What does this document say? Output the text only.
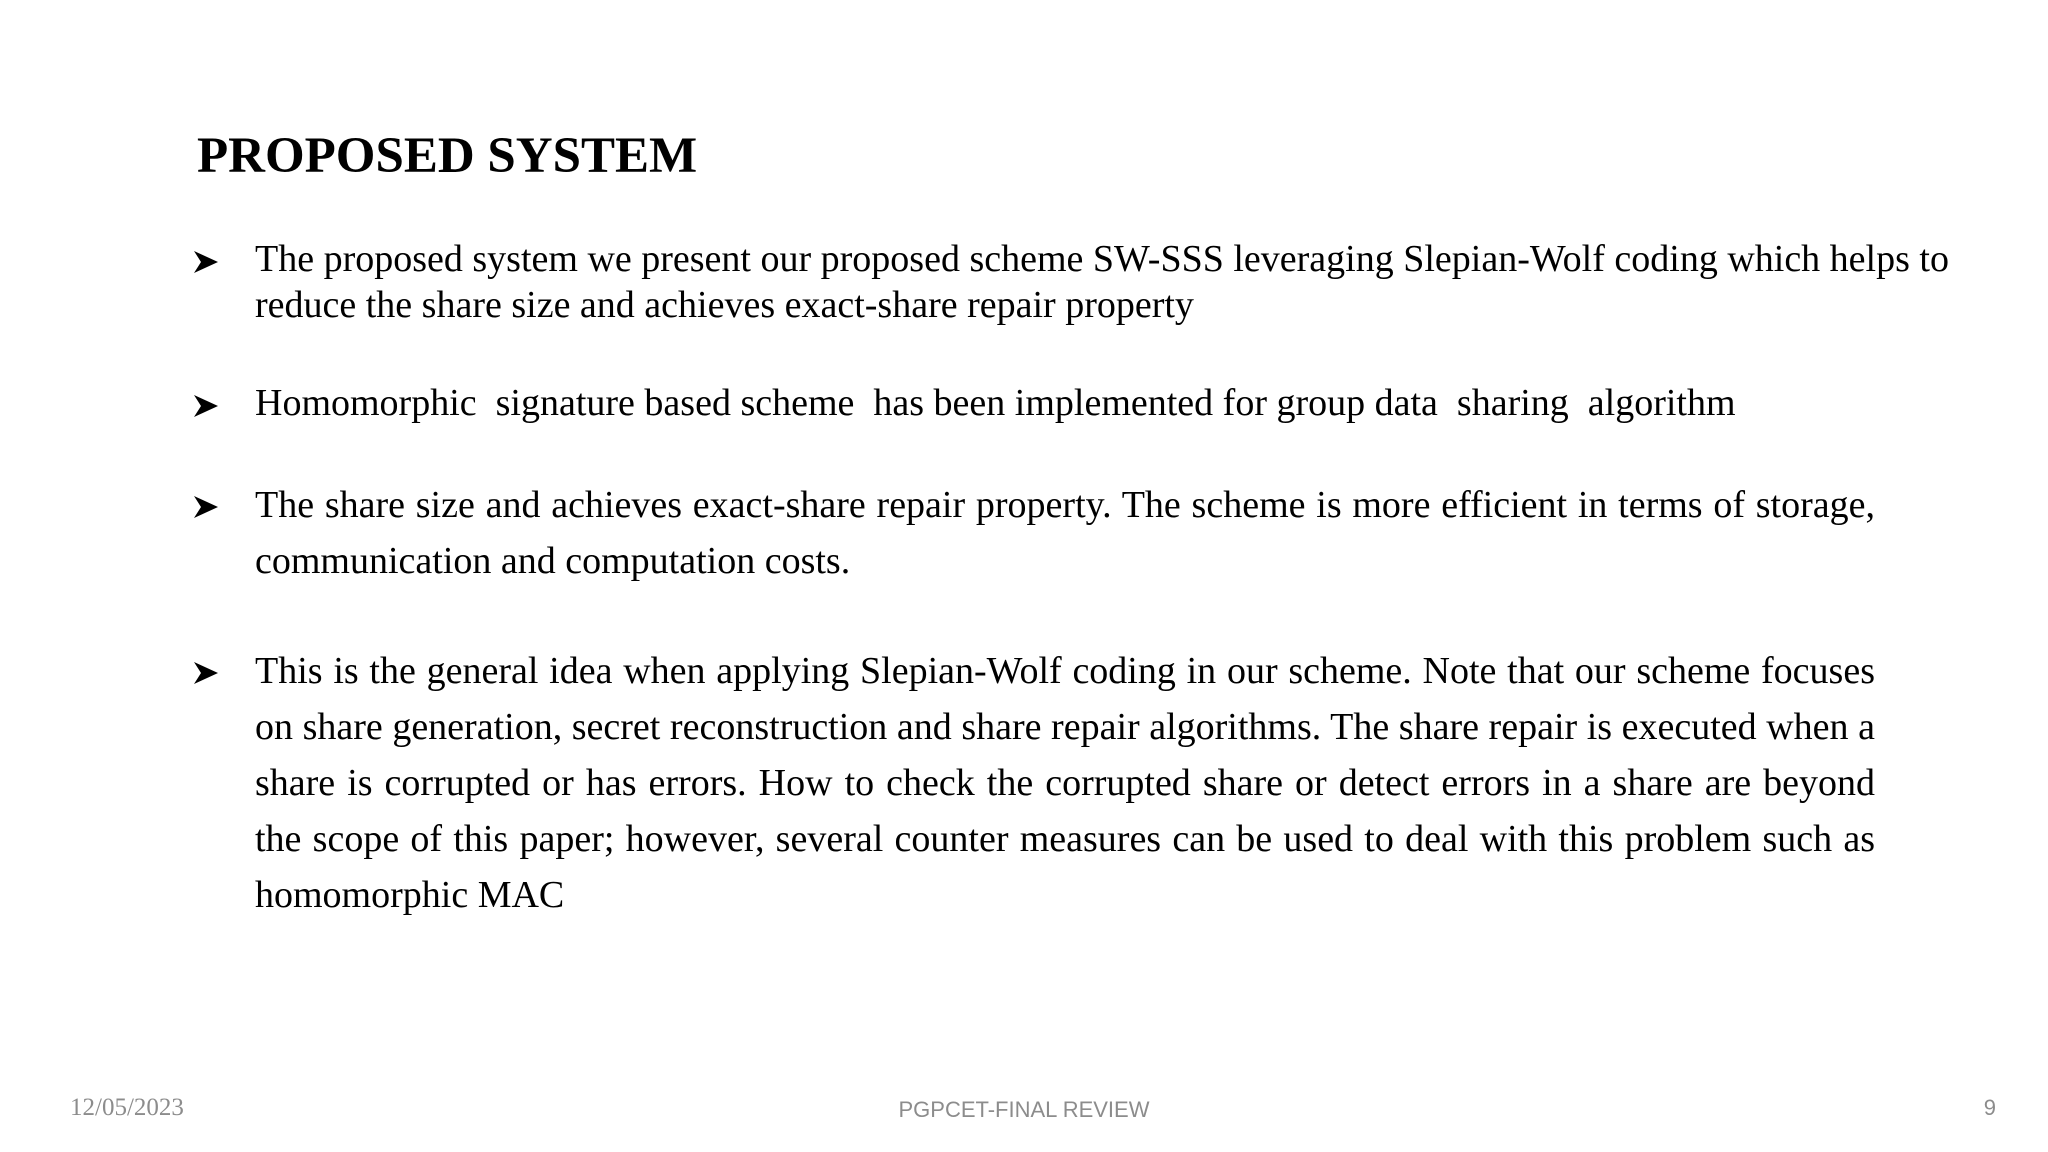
PROPOSED SYSTEM
The proposed system we present our proposed scheme SW-SSS leveraging Slepian-Wolf coding which helps to reduce the share size and achieves exact-share repair property
Homomorphic  signature based scheme  has been implemented for group data  sharing  algorithm
The share size and achieves exact-share repair property. The scheme is more efficient in terms of storage, communication and computation costs.
This is the general idea when applying Slepian-Wolf coding in our scheme. Note that our scheme focuses on share generation, secret reconstruction and share repair algorithms. The share repair is executed when a share is corrupted or has errors. How to check the corrupted share or detect errors in a share are beyond the scope of this paper; however, several counter measures can be used to deal with this problem such as homomorphic MAC
12/05/2023	PGPCET-FINAL REVIEW	9
